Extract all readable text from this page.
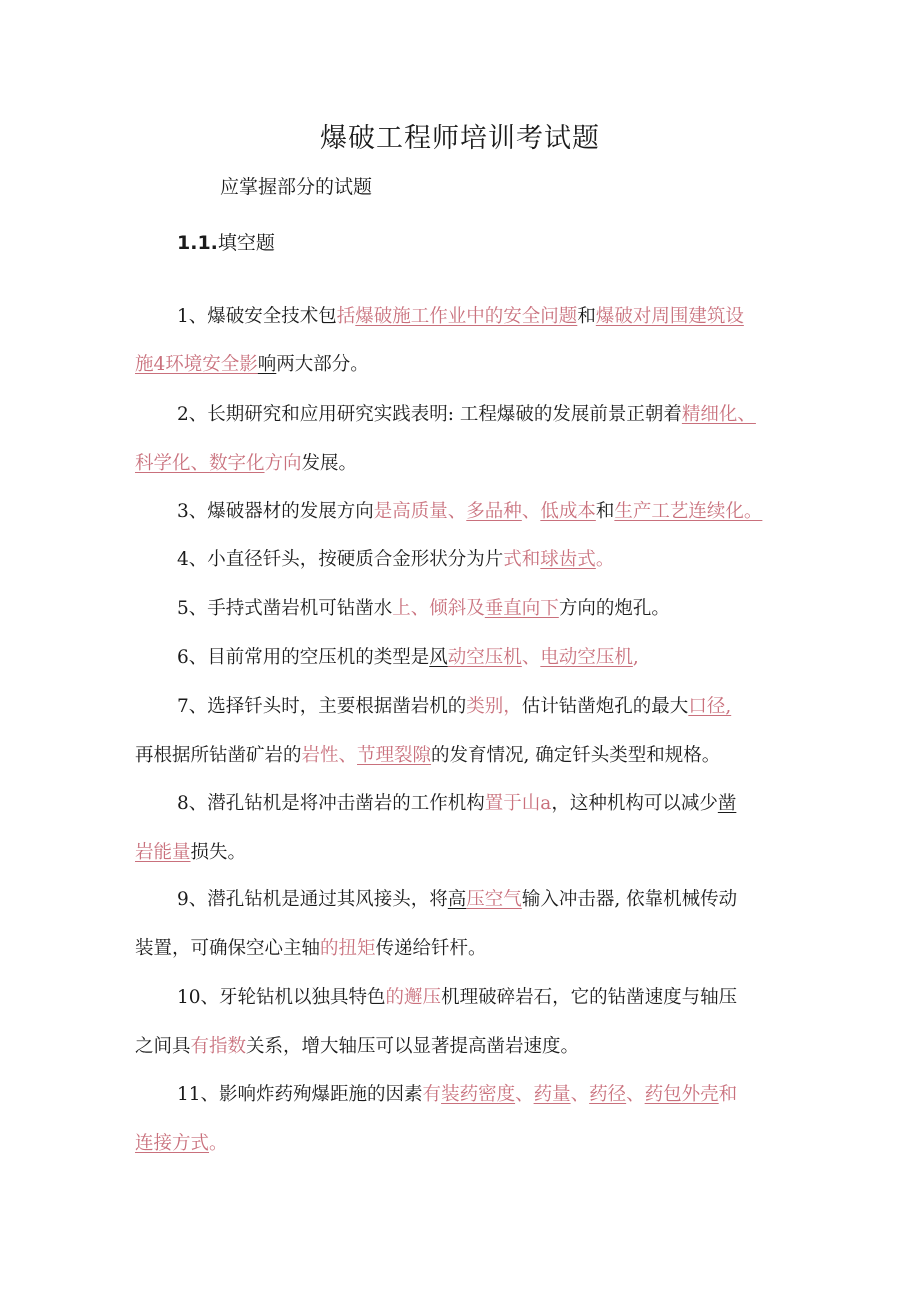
爆破工程师培训考试题
应掌握部分的试题
1.1.填空题
1、爆破安全技术包括爆破施工作业中的安全问题和爆破对周围建筑设
施4环境安全影响两大部分。
2、长期研究和应用研究实践表明: 工程爆破的发展前景正朝着精细化、
科学化、数字化方向发展。
3、爆破器材的发展方向是高质量、多品种、低成本和生产工艺连续化。
4、小直径钎头，按硬质合金形状分为片式和球齿式。
5、手持式凿岩机可钻凿水上、倾斜及垂直向下方向的炮孔。
6、目前常用的空压机的类型是风动空压机、电动空压机,
7、选择钎头时，主要根据凿岩机的类别，估计钻凿炮孔的最大口径,
再根据所钻凿矿岩的岩性、节理裂隙的发育情况, 确定钎头类型和规格。
8、潜孔钻机是将冲击凿岩的工作机构置于山a，这种机构可以减少凿
岩能量损失。
9、潜孔钻机是通过其风接头，将高压空气输入冲击器, 依靠机械传动
装置，可确保空心主轴的扭矩传递给钎杆。
10、牙轮钻机以独具特色的邂压机理破碎岩石，它的钻凿速度与轴压
之间具有指数关系，增大轴压可以显著提高凿岩速度。
11、影响炸药殉爆距施的因素有装药密度、药量、药径、药包外壳和
连接方式。
